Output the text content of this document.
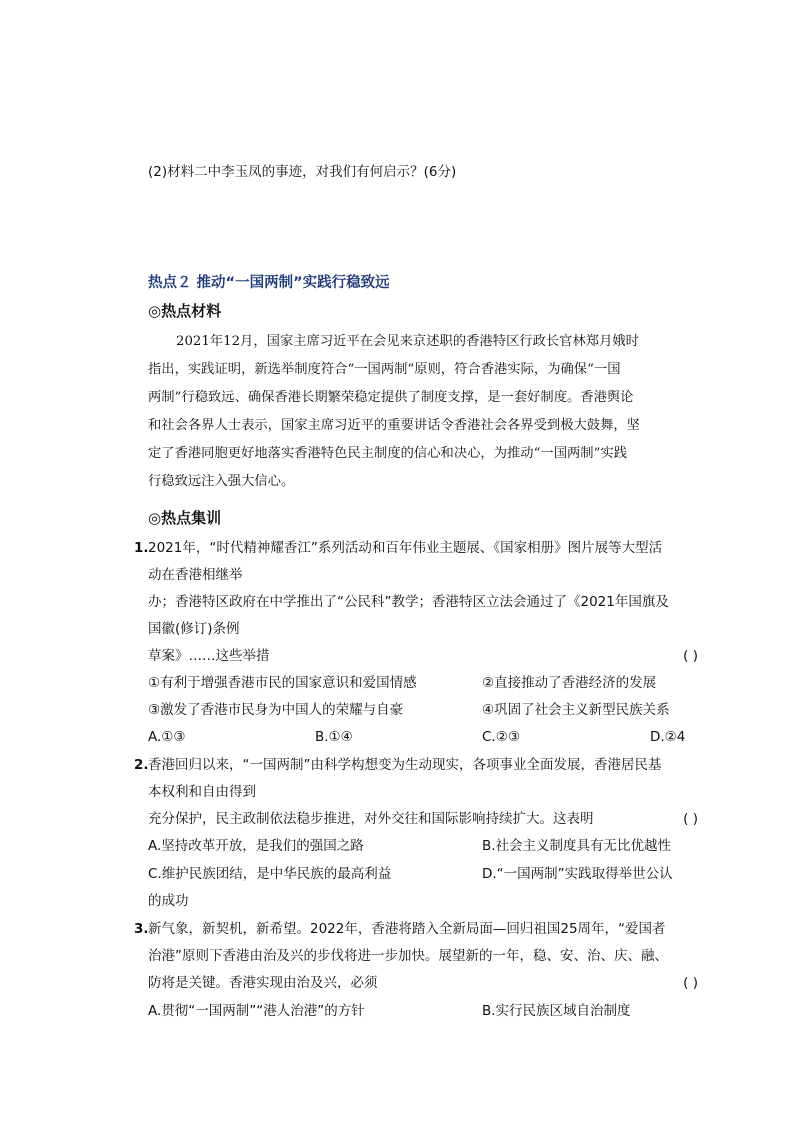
(2)材料二中李玉凤的事迹，对我们有何启示？(6分)
热点２ 推动“一国两制”实践行稳致远
◎热点材料
2021年12月，国家主席习近平在会见来京述职的香港特区行政长官林郑月娥时
指出，实践证明，新选举制度符合“一国两制”原则，符合香港实际，为确保“一国
两制”行稳致远、确保香港长期繁荣稳定提供了制度支撑，是一套好制度。香港舆论
和社会各界人士表示，国家主席习近平的重要讲话令香港社会各界受到极大鼓舞，坚
定了香港同胞更好地落实香港特色民主制度的信心和决心，为推动“一国两制”实践
行稳致远注入强大信心。
◎热点集训
1. 2021年，“时代精神耀香江”系列活动和百年伟业主题展、《国家相册》图片展等大型活
动在香港相继举
办；香港特区政府在中学推出了“公民科”教学；香港特区立法会通过了《2021年国旗及
国徽(修订)条例
草案》……这些举措	( )
①有利于增强香港市民的国家意识和爱国情感	②直接推动了香港经济的发展
③激发了香港市民身为中国人的荣耀与自豪	④巩固了社会主义新型民族关系
A.①③	B.①④	C.②③	D.②4
2. 香港回归以来，“一国两制”由科学构想变为生动现实，各项事业全面发展，香港居民基
本权利和自由得到
充分保护，民主政制依法稳步推进，对外交往和国际影响持续扩大。这表明	( )
A.坚持改革开放，是我们的强国之路	B.社会主义制度具有无比优越性
C.维护民族团结，是中华民族的最高利益	D.“一国两制”实践取得举世公认
的成功
3. 新气象，新契机，新希望。2022年，香港将踏入全新局面—回归祖国25周年，“爱国者
治港”原则下香港由治及兴的步伐将进一步加快。展望新的一年，稳、安、治、庆、融、
防将是关键。香港实现由治及兴，必须	( )
A.贯彻“一国两制”“港人治港”的方针	B.实行民族区域自治制度
